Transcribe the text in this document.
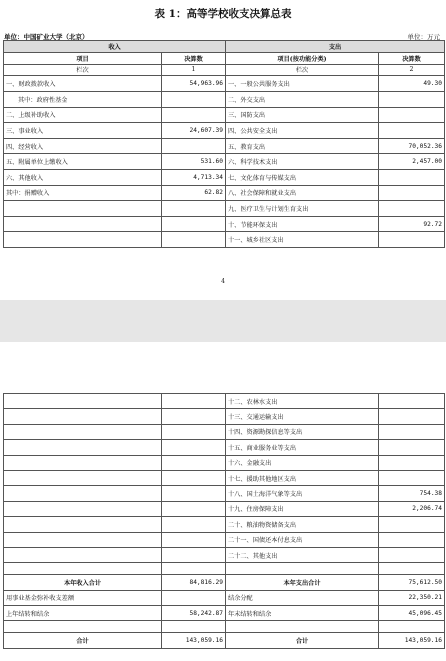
表 1：高等学校收支决算总表
单位：中国矿业大学（北京）	单位：万元
收入		支出	
项目	决算数	项目(按功能分类)	决算数
栏次	1	栏次	2
一、财政拨款收入	54,963.96	一、一般公共服务支出	49.30
其中：政府性基金		二、外交支出	
二、上级补助收入		三、国防支出	
三、事业收入	24,607.39	四、公共安全支出	
四、经营收入		五、教育支出	70,052.36
五、附属单位上缴收入	531.60	六、科学技术支出	2,457.00
六、其他收入	4,713.34	七、文化体育与传媒支出	
其中：捐赠收入	62.82	八、社会保障和就业支出	
		九、医疗卫生与计划生育支出	
		十、节能环保支出	92.72
		十一、城乡社区支出	
4
		十二、农林水支出	
		十三、交通运输支出	
		十四、资源勘探信息等支出	
		十五、商业服务业等支出	
		十六、金融支出	
		十七、援助其他地区支出	
		十八、国土海洋气象等支出	754.38
		十九、住房保障支出	2,206.74
		二十、粮油物资储备支出	
		二十一、国债还本付息支出	
		二十二、其他支出	

本年收入合计	84,816.29	本年支出合计	75,612.50
用事业基金弥补收支差额		结余分配	22,350.21
上年结转和结余	58,242.87	年末结转和结余	45,096.45

合计	143,059.16	合计	143,059.16
